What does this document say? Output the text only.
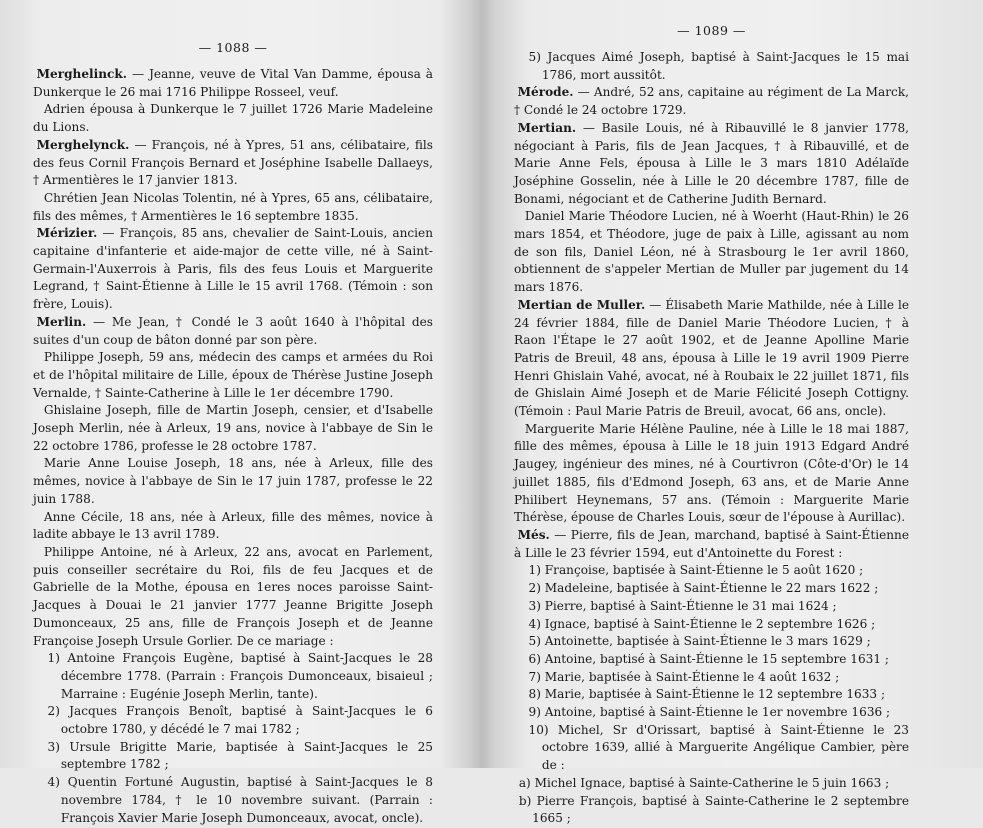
— 1088 —

Merghelinck. — Jeanne, veuve de Vital Van Damme, épousa à Dunkerque le 26 mai 1716 Philippe Rosseel, veuf.

Adrien épousa à Dunkerque le 7 juillet 1726 Marie Madeleine du Lions.

Merghelynck. — François, né à Ypres, 51 ans, célibataire, fils des feus Cornil François Bernard et Joséphine Isabelle Dallaeys, † Armentières le 17 janvier 1813.

Chrétien Jean Nicolas Tolentin, né à Ypres, 65 ans, célibataire, fils des mêmes, † Armentières le 16 septembre 1835.

Mérizier. — François, 85 ans, chevalier de Saint-Louis, ancien capitaine d'infanterie et aide-major de cette ville, né à Saint-Germain-l'Auxerrois à Paris, fils des feus Louis et Marguerite Legrand, † Saint-Étienne à Lille le 15 avril 1768. (Témoin : son frère, Louis).

Merlin. — Me Jean, † Condé le 3 août 1640 à l'hôpital des suites d'un coup de bâton donné par son père.

Philippe Joseph, 59 ans, médecin des camps et armées du Roi et de l'hôpital militaire de Lille, époux de Thérèse Justine Joseph Vernalde, † Sainte-Catherine à Lille le 1er décembre 1790.

Ghislaine Joseph, fille de Martin Joseph, censier, et d'Isabelle Joseph Merlin, née à Arleux, 19 ans, novice à l'abbaye de Sin le 22 octobre 1786, professe le 28 octobre 1787.

Marie Anne Louise Joseph, 18 ans, née à Arleux, fille des mêmes, novice à l'abbaye de Sin le 17 juin 1787, professe le 22 juin 1788.

Anne Cécile, 18 ans, née à Arleux, fille des mêmes, novice à ladite abbaye le 13 avril 1789.

Philippe Antoine, né à Arleux, 22 ans, avocat en Parlement, puis conseiller secrétaire du Roi, fils de feu Jacques et de Gabrielle de la Mothe, épousa en 1eres noces paroisse Saint-Jacques à Douai le 21 janvier 1777 Jeanne Brigitte Joseph Dumonceaux, 25 ans, fille de François Joseph et de Jeanne Françoise Joseph Ursule Gorlier. De ce mariage :

1) Antoine François Eugène, baptisé à Saint-Jacques le 28 décembre 1778. (Parrain : François Dumonceaux, bisaieul ; Marraine : Eugénie Joseph Merlin, tante).

2) Jacques François Benoît, baptisé à Saint-Jacques le 6 octobre 1780, y décédé le 7 mai 1782 ;

3) Ursule Brigitte Marie, baptisée à Saint-Jacques le 25 septembre 1782 ;

4) Quentin Fortuné Augustin, baptisé à Saint-Jacques le 8 novembre 1784, † le 10 novembre suivant. (Parrain : François Xavier Marie Joseph Dumonceaux, avocat, oncle).

— 1089 —

5) Jacques Aimé Joseph, baptisé à Saint-Jacques le 15 mai 1786, mort aussitôt.

Mérode. — André, 52 ans, capitaine au régiment de La Marck, † Condé le 24 octobre 1729.

Mertian. — Basile Louis, né à Ribauvillé le 8 janvier 1778, négociant à Paris, fils de Jean Jacques, † à Ribauvillé, et de Marie Anne Fels, épousa à Lille le 3 mars 1810 Adélaïde Joséphine Gosselin, née à Lille le 20 décembre 1787, fille de Bonami, négociant et de Catherine Judith Bernard.

Daniel Marie Théodore Lucien, né à Woerht (Haut-Rhin) le 26 mars 1854, et Théodore, juge de paix à Lille, agissant au nom de son fils, Daniel Léon, né à Strasbourg le 1er avril 1860, obtiennent de s'appeler Mertian de Muller par jugement du 14 mars 1876.

Mertian de Muller. — Élisabeth Marie Mathilde, née à Lille le 24 février 1884, fille de Daniel Marie Théodore Lucien, † à Raon l'Étape le 27 août 1902, et de Jeanne Apolline Marie Patris de Breuil, 48 ans, épousa à Lille le 19 avril 1909 Pierre Henri Ghislain Vahé, avocat, né à Roubaix le 22 juillet 1871, fils de Ghislain Aimé Joseph et de Marie Félicité Joseph Cottigny. (Témoin : Paul Marie Patris de Breuil, avocat, 66 ans, oncle).

Marguerite Marie Hélène Pauline, née à Lille le 18 mai 1887, fille des mêmes, épousa à Lille le 18 juin 1913 Edgard André Jaugey, ingénieur des mines, né à Courtivron (Côte-d'Or) le 14 juillet 1885, fils d'Edmond Joseph, 63 ans, et de Marie Anne Philibert Heynemans, 57 ans. (Témoin : Marguerite Marie Thérèse, épouse de Charles Louis, sœur de l'épouse à Aurillac).

Més. — Pierre, fils de Jean, marchand, baptisé à Saint-Étienne à Lille le 23 février 1594, eut d'Antoinette du Forest :

1) Françoise, baptisée à Saint-Étienne le 5 août 1620 ;

2) Madeleine, baptisée à Saint-Étienne le 22 mars 1622 ;

3) Pierre, baptisé à Saint-Étienne le 31 mai 1624 ;

4) Ignace, baptisé à Saint-Étienne le 2 septembre 1626 ;

5) Antoinette, baptisée à Saint-Étienne le 3 mars 1629 ;

6) Antoine, baptisé à Saint-Étienne le 15 septembre 1631 ;

7) Marie, baptisée à Saint-Étienne le 4 août 1632 ;

8) Marie, baptisée à Saint-Étienne le 12 septembre 1633 ;

9) Antoine, baptisé à Saint-Étienne le 1er novembre 1636 ;

10) Michel, Sr d'Orissart, baptisé à Saint-Étienne le 23 octobre 1639, allié à Marguerite Angélique Cambier, père de :

a) Michel Ignace, baptisé à Sainte-Catherine le 5 juin 1663 ;

b) Pierre François, baptisé à Sainte-Catherine le 2 septembre 1665 ;
